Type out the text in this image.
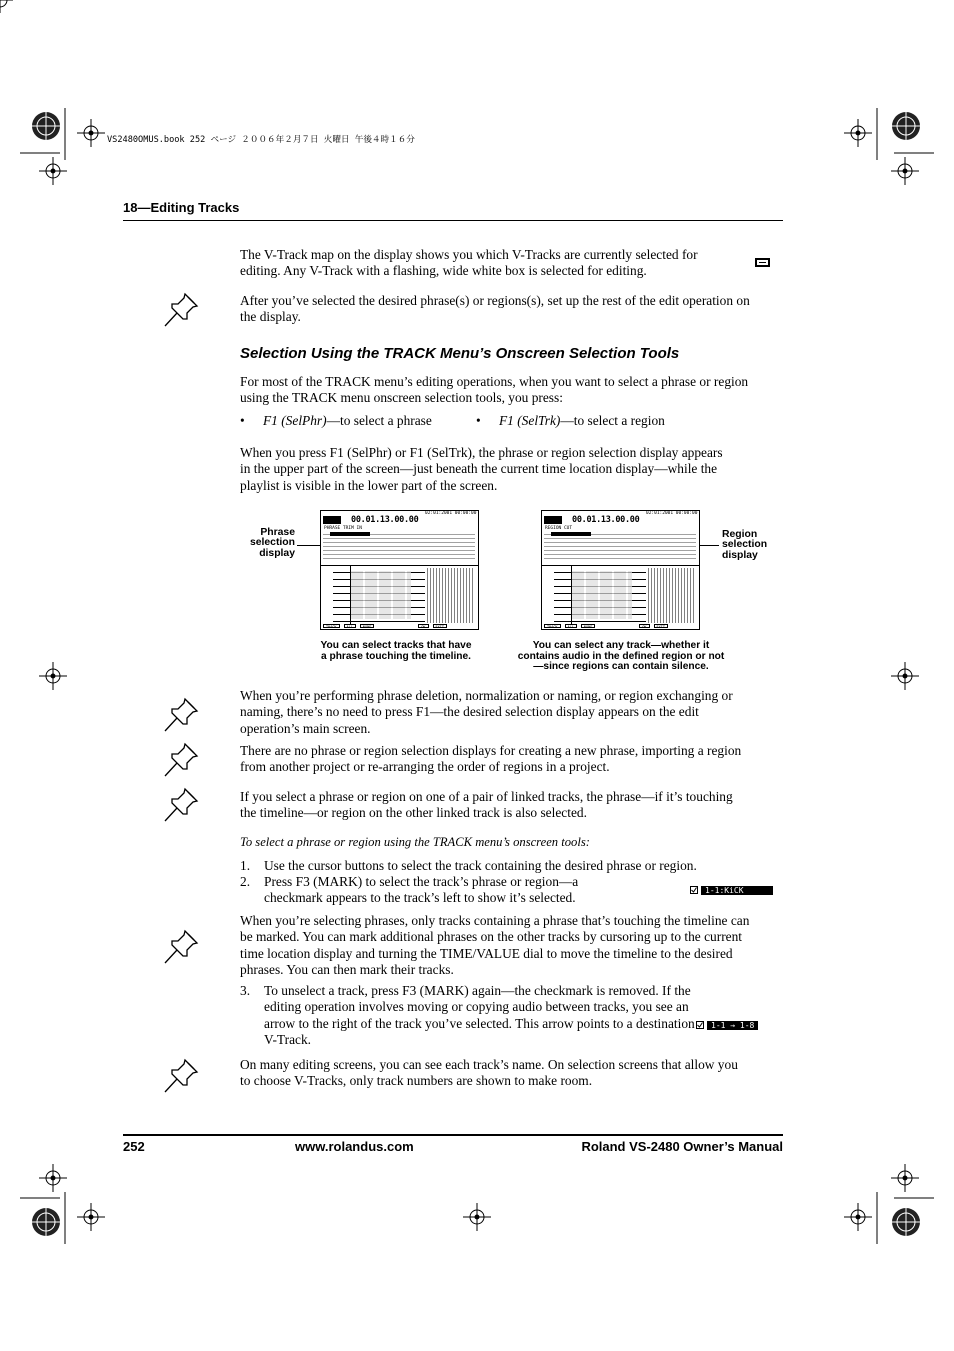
VS2480OMUS.book 252 ページ ２００６年２月７日 火曜日 午後４時１６分
18—Editing Tracks
The V-Track map on the display shows you which V-Tracks are currently selected for editing. Any V-Track with a flashing, wide white box is selected for editing.
After you’ve selected the desired phrase(s) or regions(s), set up the rest of the edit operation on the display.
Selection Using the TRACK Menu’s Onscreen Selection Tools
For most of the TRACK menu’s editing operations, when you want to select a phrase or region using the TRACK menu onscreen selection tools, you press:
• F1 (SelPhr)—to select a phrase	• F1 (SelTrk)—to select a region
When you press F1 (SelPhr) or F1 (SelTrk), the phrase or region selection display appears in the upper part of the screen—just beneath the current time location display—while the playlist is visible in the lower part of the screen.
Phrase selection display
PHRASE TRIM IN
02:01:2001 00:00:00
00.01.13.00.00
TRACK	ALL	NONE	OK	EXIT
REGION CUT
02:01:2001 00:00:00
00.01.13.00.00
TRACK	ALL	NONE	OK	EXIT
Region selection display
You can select tracks that have a phrase touching the timeline.
You can select any track—whether it contains audio in the defined region or not—since regions can contain silence.
When you’re performing phrase deletion, normalization or naming, or region exchanging or naming, there’s no need to press F1—the desired selection display appears on the edit operation’s main screen.
There are no phrase or region selection displays for creating a new phrase, importing a region from another project or re-arranging the order of regions in a project.
If you select a phrase or region on one of a pair of linked tracks, the phrase—if it’s touching the timeline—or region on the other linked track is also selected.
To select a phrase or region using the TRACK menu’s onscreen tools:
1. Use the cursor buttons to select the track containing the desired phrase or region.
2. Press F3 (MARK) to select the track’s phrase or region—a checkmark appears to the track’s left to show it’s selected.
1-1:KiCK
When you’re selecting phrases, only tracks containing a phrase that’s touching the timeline can be marked. You can mark additional phrases on the other tracks by cursoring up to the current time location display and turning the TIME/VALUE dial to move the timeline to the desired phrases. You can then mark their tracks.
3. To unselect a track, press F3 (MARK) again—the checkmark is removed. If the editing operation involves moving or copying audio between tracks, you see an arrow to the right of the track you’ve selected. This arrow points to a destination V-Track.
1-1 → 1-8
On many editing screens, you can see each track’s name. On selection screens that allow you to choose V-Tracks, only track numbers are shown to make room.
252	www.rolandus.com	Roland VS-2480 Owner’s Manual
